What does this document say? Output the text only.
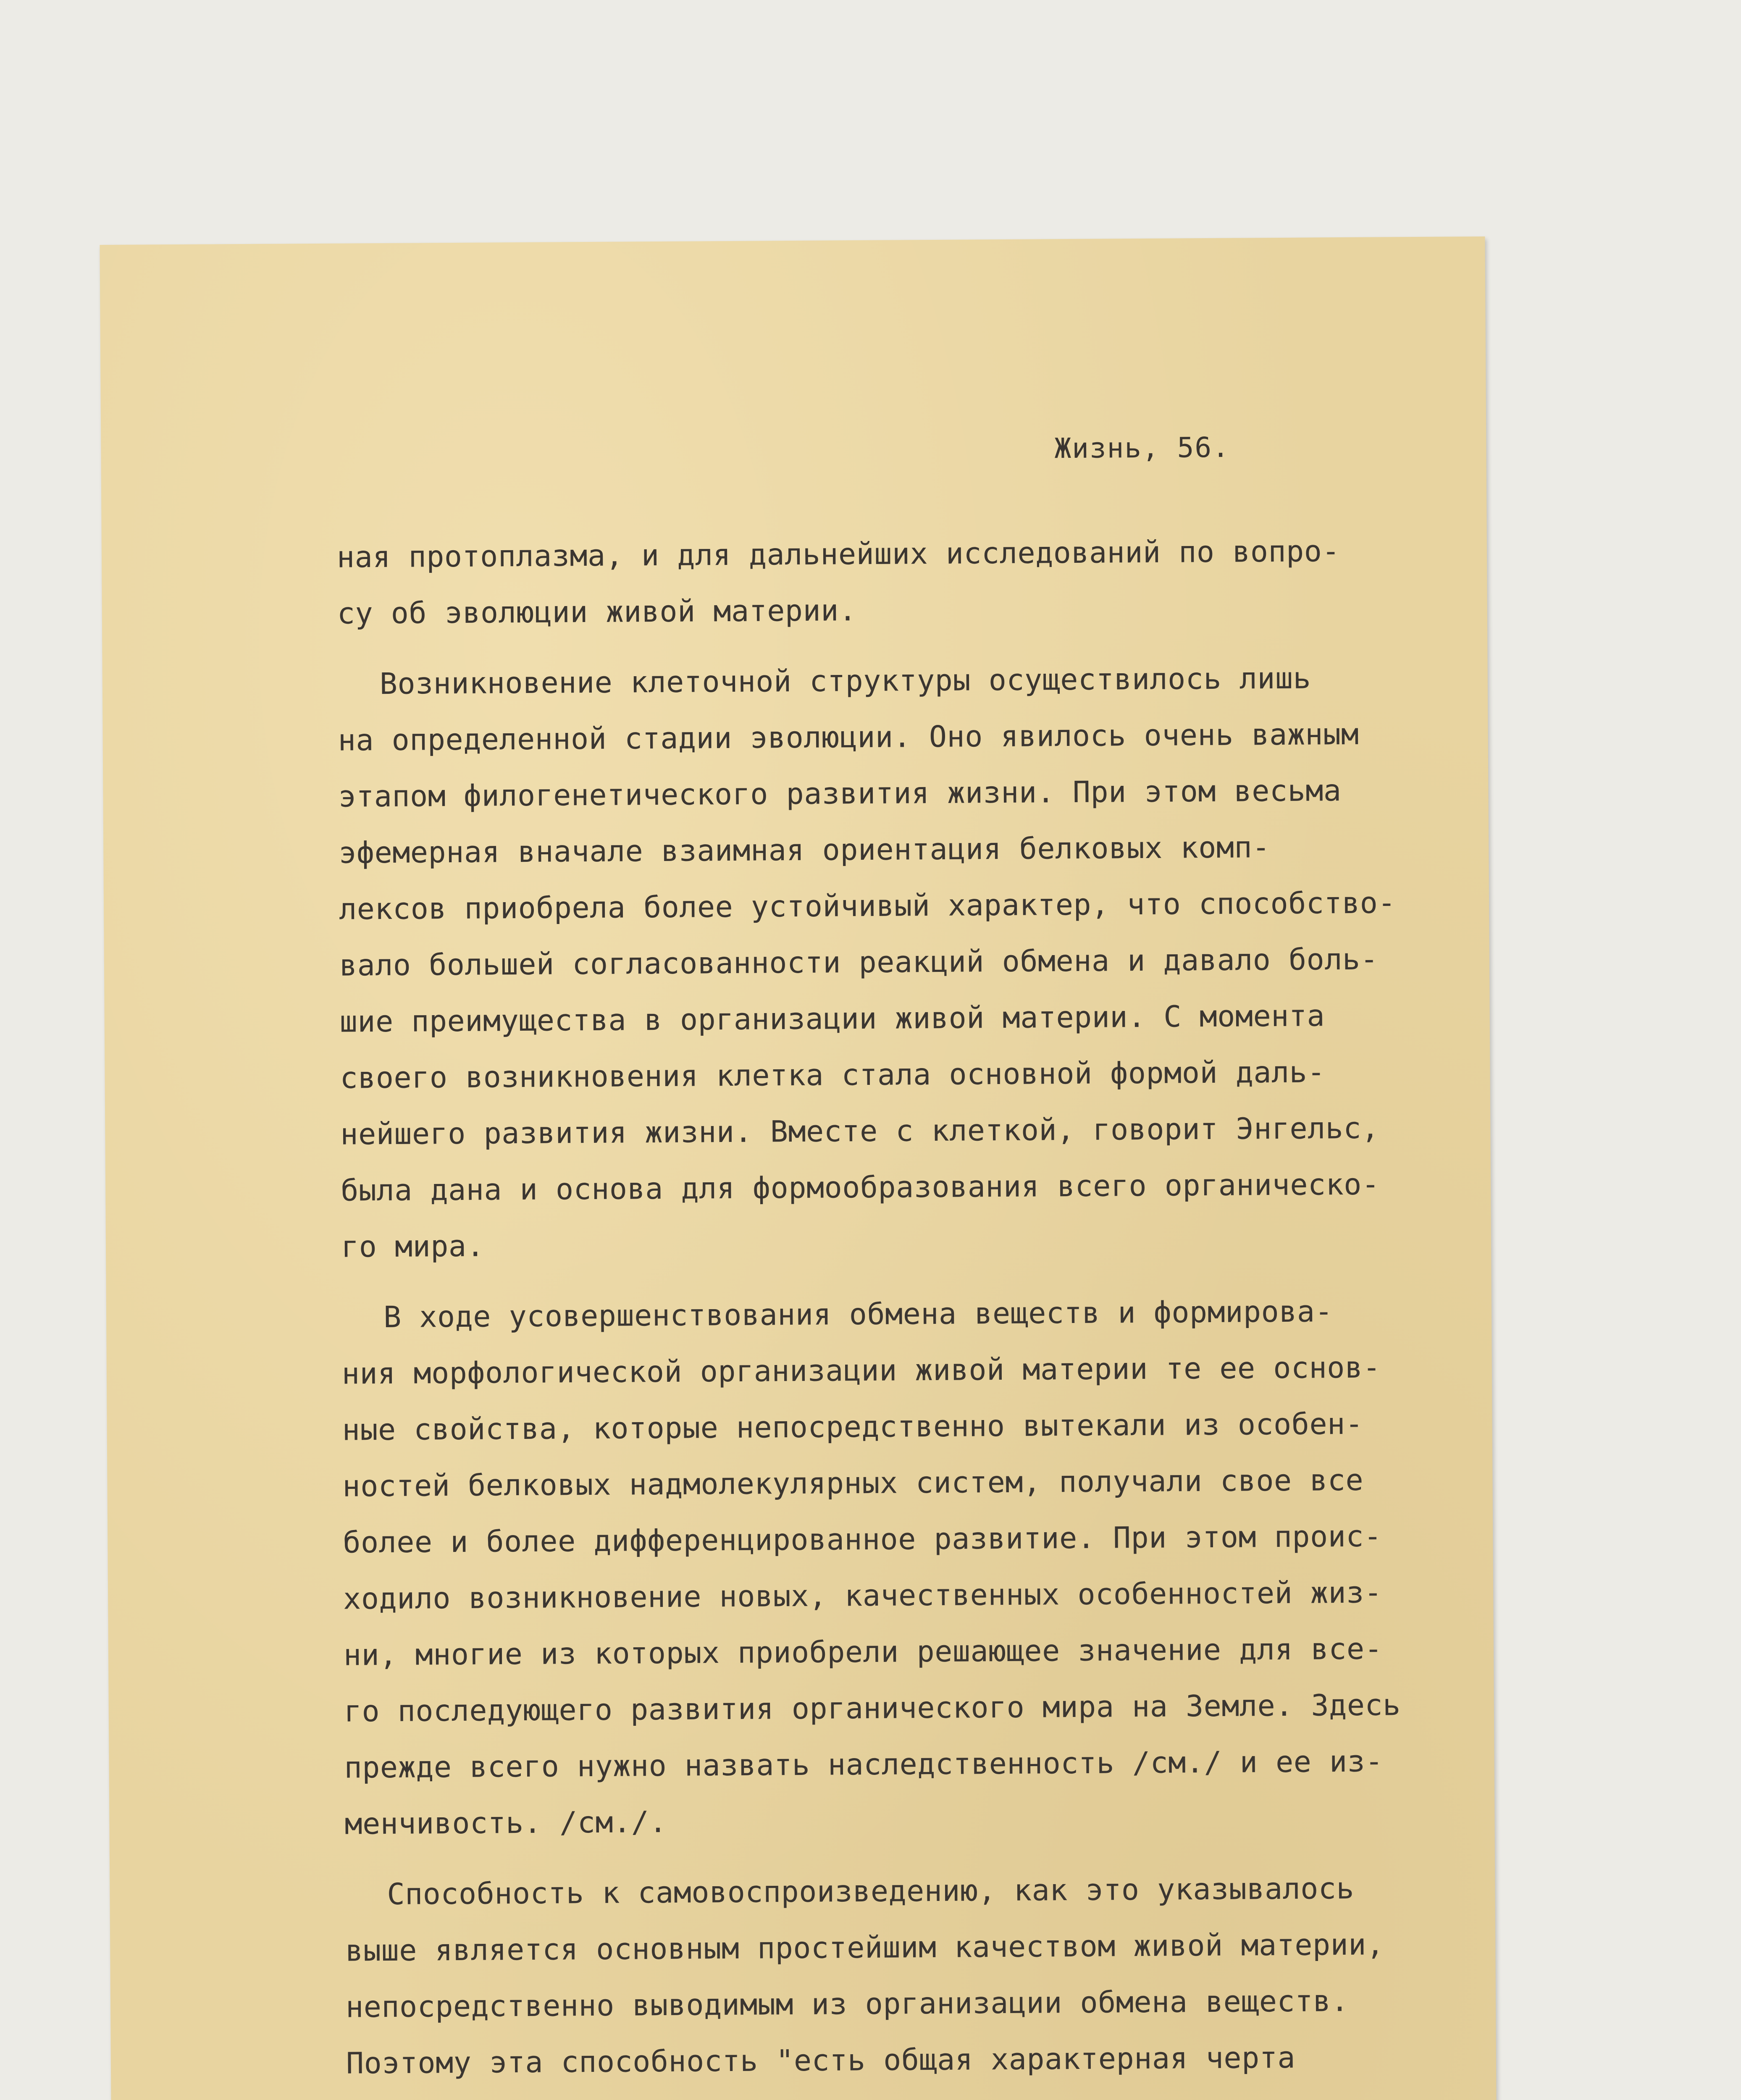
Жизнь, 56.
ная протоплазма, и для дальнейших исследований по вопро-
су об эволюции живой материи.
Возникновение клеточной структуры осуществилось лишь
на определенной стадии эволюции. Оно явилось очень важным
этапом филогенетического развития жизни. При этом весьма
эфемерная вначале взаимная ориентация белковых комп-
лексов приобрела более устойчивый характер, что способство-
вало большей согласованности реакций обмена и давало боль-
шие преимущества в организации живой материи. С момента
своего возникновения клетка стала основной формой даль-
нейшего развития жизни. Вместе с клеткой, говорит Энгельс,
была дана и основа для формообразования всего органическо-
го мира.
В ходе усовершенствования обмена веществ и формирова-
ния морфологической организации живой материи те ее основ-
ные свойства, которые непосредственно вытекали из особен-
ностей белковых надмолекулярных систем, получали свое все
более и более дифференцированное развитие. При этом проис-
ходило возникновение новых, качественных особенностей жиз-
ни, многие из которых приобрели решающее значение для все-
го последующего развития органического мира на Земле. Здесь
прежде всего нужно назвать наследственность /см./ и ее из-
менчивость. /см./.
Способность к самовоспроизведению, как это указывалось
выше является основным простейшим качеством живой материи,
непосредственно выводимым из организации обмена веществ.
Поэтому эта способность "есть общая характерная черта
